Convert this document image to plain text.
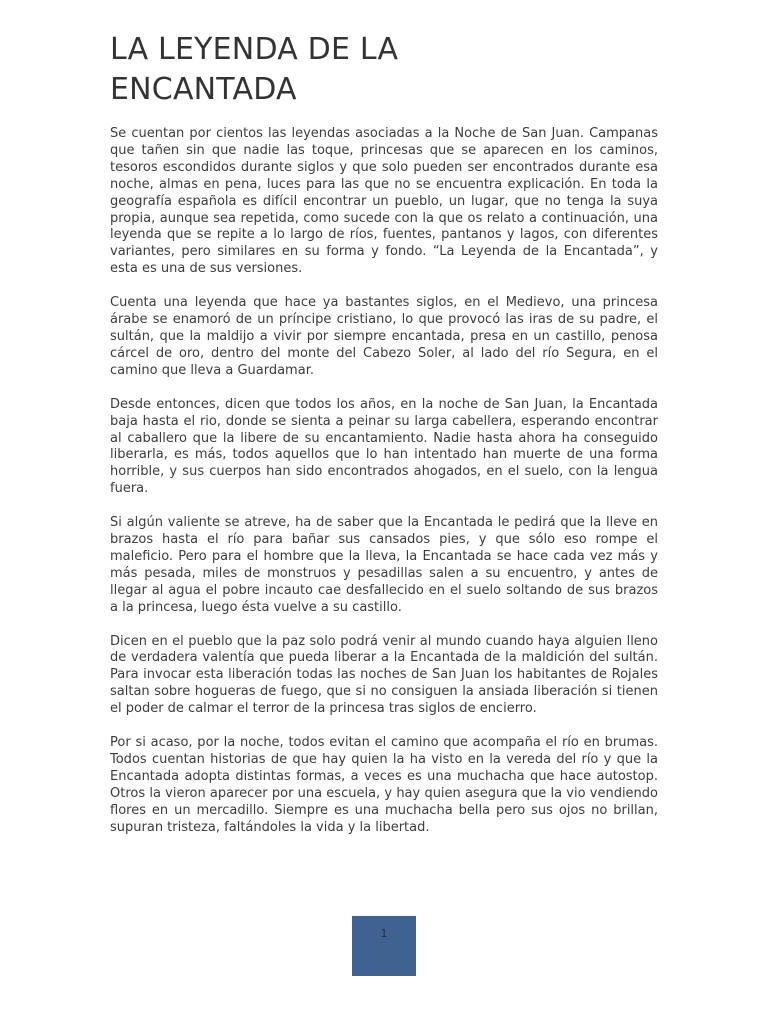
LA LEYENDA DE LA
ENCANTADA

Se cuentan por cientos las leyendas asociadas a la Noche de San Juan. Campanas que tañen sin que nadie las toque, princesas que se aparecen en los caminos, tesoros escondidos durante siglos y que solo pueden ser encontrados durante esa noche, almas en pena, luces para las que no se encuentra explicación. En toda la geografía española es difícil encontrar un pueblo, un lugar, que no tenga la suya propia, aunque sea repetida, como sucede con la que os relato a continuación, una leyenda que se repite a lo largo de ríos, fuentes, pantanos y lagos, con diferentes variantes, pero similares en su forma y fondo. “La Leyenda de la Encantada”, y esta es una de sus versiones.

Cuenta una leyenda que hace ya bastantes siglos, en el Medievo, una princesa árabe se enamoró de un príncipe cristiano, lo que provocó las iras de su padre, el sultán, que la maldijo a vivir por siempre encantada, presa en un castillo, penosa cárcel de oro, dentro del monte del Cabezo Soler, al lado del río Segura, en el camino que lleva a Guardamar.

Desde entonces, dicen que todos los años, en la noche de San Juan, la Encantada baja hasta el rio, donde se sienta a peinar su larga cabellera, esperando encontrar al caballero que la libere de su encantamiento. Nadie hasta ahora ha conseguido liberarla, es más, todos aquellos que lo han intentado han muerte de una forma horrible, y sus cuerpos han sido encontrados ahogados, en el suelo, con la lengua fuera.

Si algún valiente se atreve, ha de saber que la Encantada le pedirá que la lleve en brazos hasta el río para bañar sus cansados pies, y que sólo eso rompe el maleficio. Pero para el hombre que la lleva, la Encantada se hace cada vez más y más pesada, miles de monstruos y pesadillas salen a su encuentro, y antes de llegar al agua el pobre incauto cae desfallecido en el suelo soltando de sus brazos a la princesa, luego ésta vuelve a su castillo.

Dicen en el pueblo que la paz solo podrá venir al mundo cuando haya alguien lleno de verdadera valentía que pueda liberar a la Encantada de la maldición del sultán. Para invocar esta liberación todas las noches de San Juan los habitantes de Rojales saltan sobre hogueras de fuego, que si no consiguen la ansiada liberación si tienen el poder de calmar el terror de la princesa tras siglos de encierro.

Por si acaso, por la noche, todos evitan el camino que acompaña el río en brumas. Todos cuentan historias de que hay quien la ha visto en la vereda del río y que la Encantada adopta distintas formas, a veces es una muchacha que hace autostop. Otros la vieron aparecer por una escuela, y hay quien asegura que la vio vendiendo flores en un mercadillo. Siempre es una muchacha bella pero sus ojos no brillan, supuran tristeza, faltándoles la vida y la libertad.

1
